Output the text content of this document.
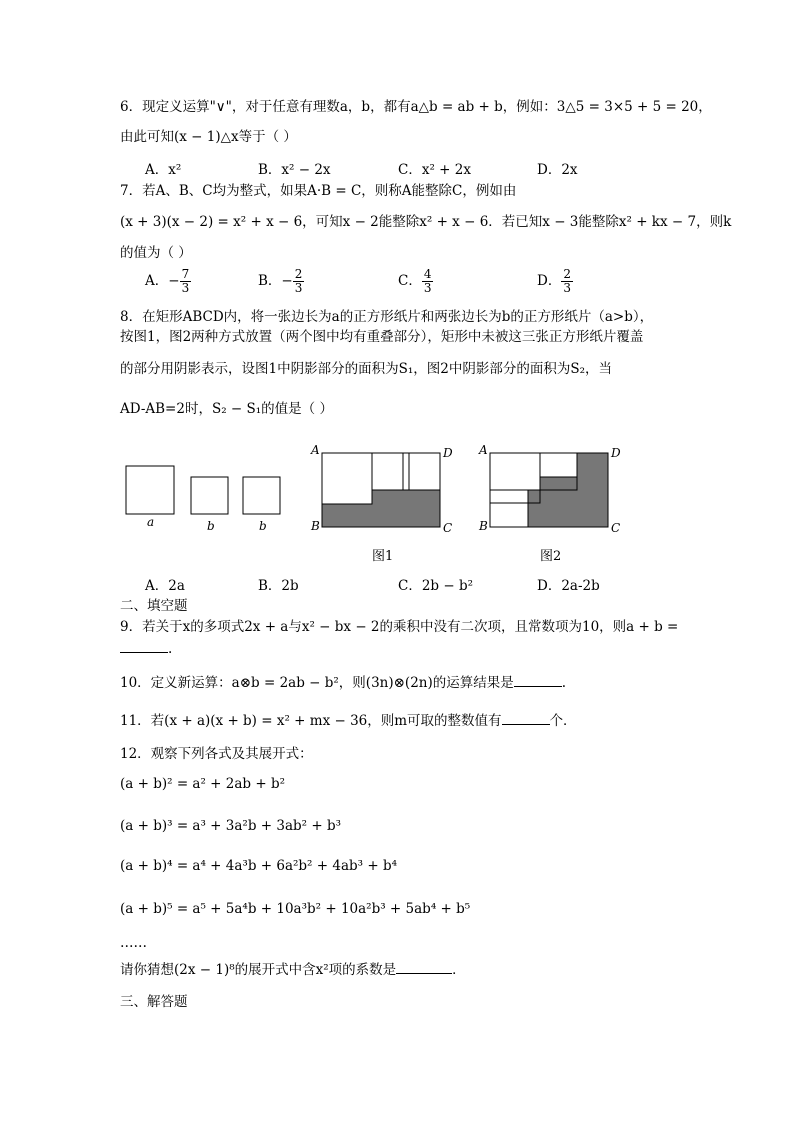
6．现定义运算"∨"，对于任意有理数a，b，都有a△b = ab + b，例如：3△5 = 3×5 + 5 = 20，
由此可知(x − 1)△x等于（ ）
A．x²	B．x² − 2x	C．x² + 2x	D．2x
7．若A、B、C均为整式，如果A·B = C，则称A能整除C，例如由
(x + 3)(x − 2) = x² + x − 6，可知x − 2能整除x² + x − 6．若已知x − 3能整除x² + kx − 7，则k
的值为（ ）
A．− $\frac{7}{3}$	B．− $\frac{2}{3}$	C． $\frac{4}{3}$	D． $\frac{2}{3}$
8．在矩形ABCD内，将一张边长为a的正方形纸片和两张边长为b的正方形纸片（a>b），
按图1，图2两种方式放置（两个图中均有重叠部分），矩形中未被这三张正方形纸片覆盖
的部分用阴影表示，设图1中阴影部分的面积为S₁，图2中阴影部分的面积为S₂，当
AD-AB=2时，S₂ − S₁的值是（ ）
a	b	b
A	D
B	C
A	D
B	C
图1	图2
A．2a	B．2b	C．2b − b²	D．2a-2b
二、填空题
9．若关于x的多项式2x + a与x² − bx − 2的乘积中没有二次项，且常数项为10，则a + b =
.
10．定义新运算：a⊗b = 2ab − b²，则(3n)⊗(2n)的运算结果是	.
11．若(x + a)(x + b) = x² + mx − 36，则m可取的整数值有	个．
12．观察下列各式及其展开式：
(a + b)² = a² + 2ab + b²
(a + b)³ = a³ + 3a²b + 3ab² + b³
(a + b)⁴ = a⁴ + 4a³b + 6a²b² + 4ab³ + b⁴
(a + b)⁵ = a⁵ + 5a⁴b + 10a³b² + 10a²b³ + 5ab⁴ + b⁵
……
请你猜想(2x − 1)⁸的展开式中含x²项的系数是	．
三、解答题
